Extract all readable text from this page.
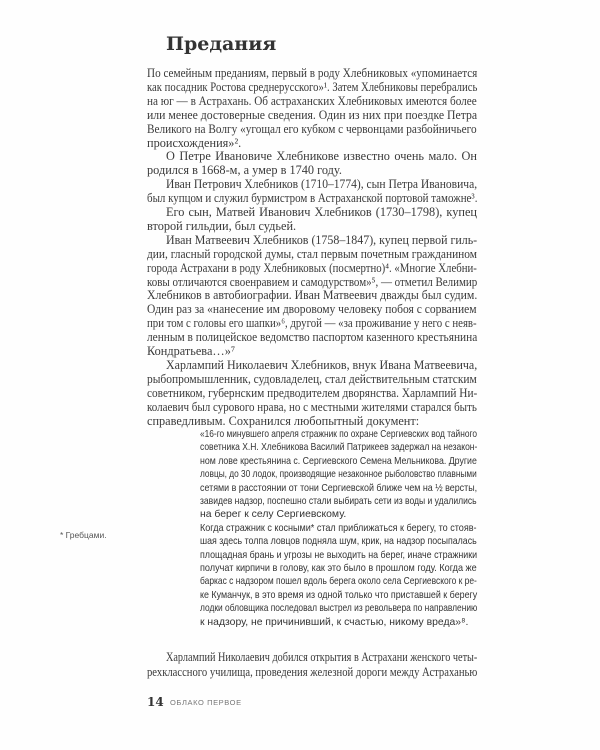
Предания
По семейным преданиям, первый в роду Хлебниковых «упоминается
как посадник Ростова среднерусского»¹. Затем Хлебниковы перебрались
на юг — в Астрахань. Об астраханских Хлебниковых имеются более
или менее достоверные сведения. Один из них при поездке Петра
Великого на Волгу «угощал его кубком с червонцами разбойничьего
происхождения»².
О Петре Ивановиче Хлебникове известно очень мало. Он
родился в 1668-м, а умер в 1740 году.
Иван Петрович Хлебников (1710–1774), сын Петра Ивановича,
был купцом и служил бурмистром в Астраханской портовой таможне³.
Его сын, Матвей Иванович Хлебников (1730–1798), купец
второй гильдии, был судьей.
Иван Матвеевич Хлебников (1758–1847), купец первой гиль-
дии, гласный городской думы, стал первым почетным гражданином
города Астрахани в роду Хлебниковых (посмертно)⁴. «Многие Хлебни-
ковы отличаются своенравием и самодурством»⁵, — отметил Велимир
Хлебников в автобиографии. Иван Матвеевич дважды был судим.
Один раз за «нанесение им дворовому человеку побоя с сорванием
при том с головы его шапки»⁶, другой — «за проживание у него с неяв-
ленным в полицейское ведомство паспортом казенного крестьянина
Кондратьева…»⁷
Харлампий Николаевич Хлебников, внук Ивана Матвеевича,
рыбопромышленник, судовладелец, стал действительным статским
советником, губернским предводителем дворянства. Харлампий Ни-
колаевич был сурового нрава, но с местными жителями старался быть
справедливым. Сохранился любопытный документ:
«16-го минувшего апреля стражник по охране Сергиевских вод тайного
советника Х.Н. Хлебникова Василий Патрикеев задержал на незакон-
ном лове крестьянина с. Сергиевского Семена Мельникова. Другие
ловцы, до 30 лодок, производящие незаконное рыболовство плавными
сетями в расстоянии от тони Сергиевской ближе чем на ½ версты,
завидев надзор, поспешно стали выбирать сети из воды и удалились
на берег к селу Сергиевскому.
Когда стражник с косными* стал приближаться к берегу, то стояв-
шая здесь толпа ловцов подняла шум, крик, на надзор посыпалась
площадная брань и угрозы не выходить на берег, иначе стражники
получат кирпичи в голову, как это было в прошлом году. Когда же
баркас с надзором пошел вдоль берега около села Сергиевского к ре-
ке Куманчук, в это время из одной только что приставшей к берегу
лодки обловщика последовал выстрел из револьвера по направлению
к надзору, не причинивший, к счастью, никому вреда»⁸.
* Гребцами.
Харлампий Николаевич добился открытия в Астрахани женского четы-
рехклассного училища, проведения железной дороги между Астраханью
14 ОБЛАКО ПЕРВОЕ
